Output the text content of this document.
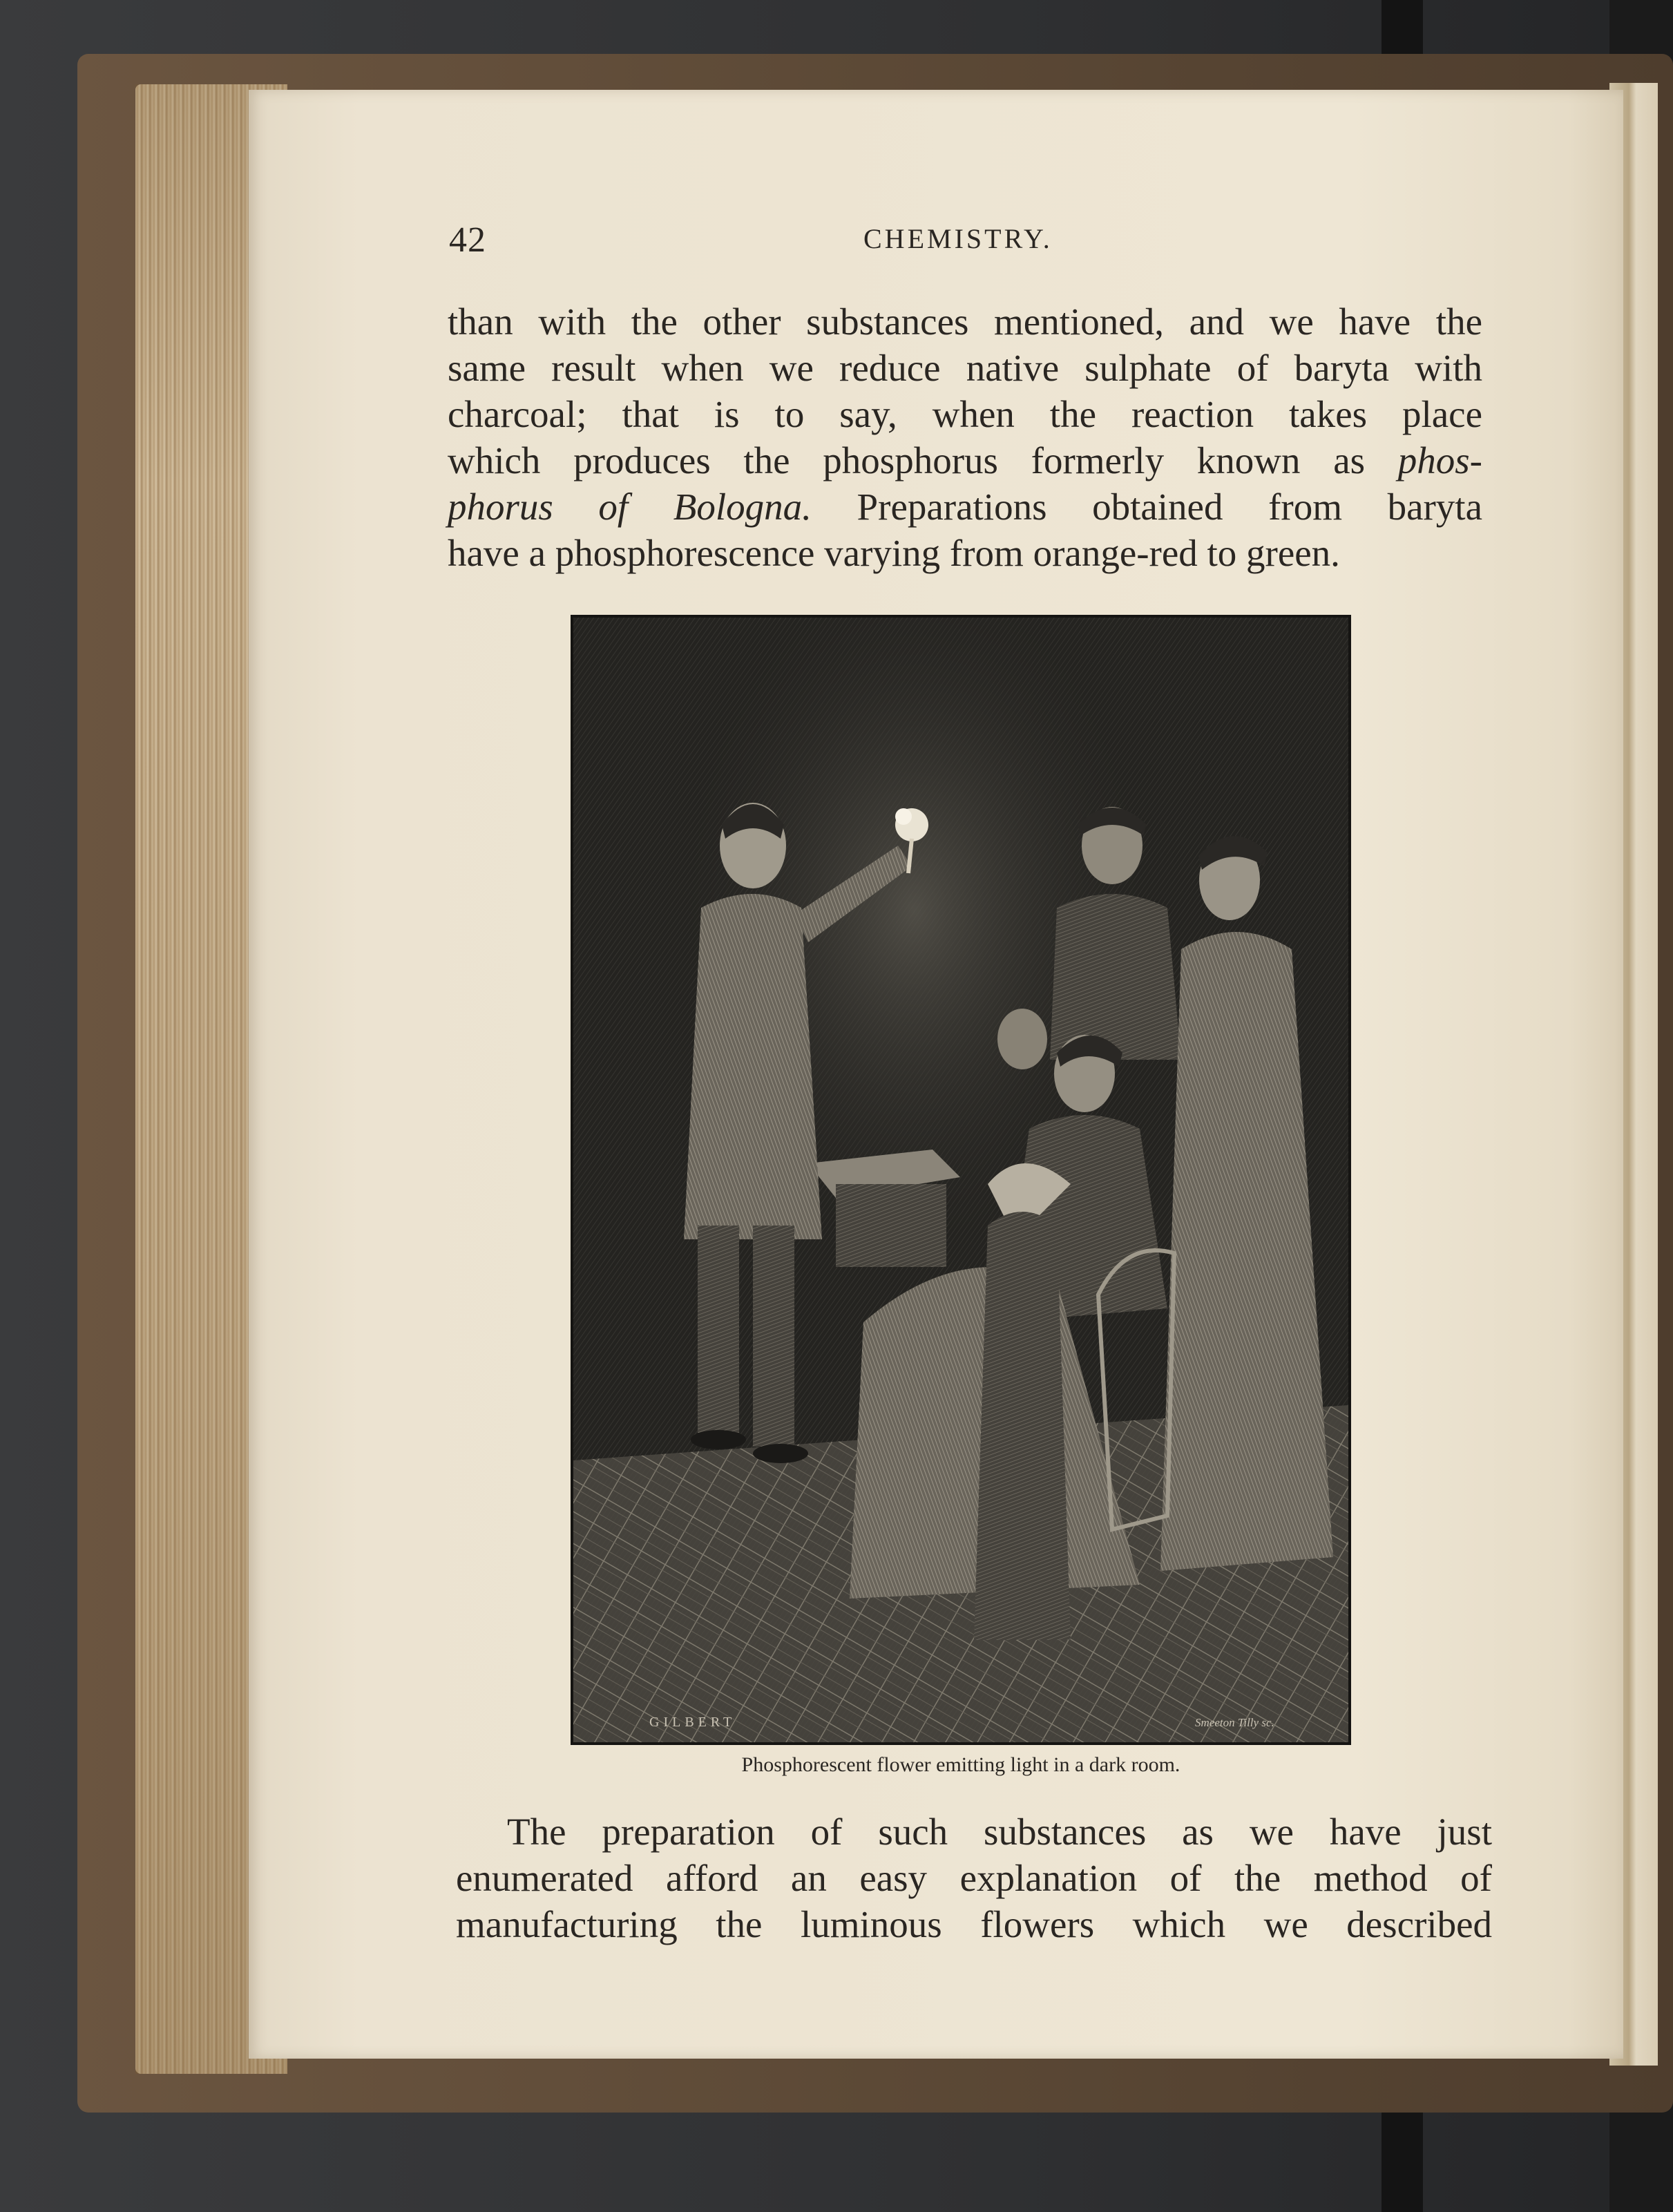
42	CHEMISTRY.
than with the other substances mentioned, and we have the
same result when we reduce native sulphate of baryta with
charcoal; that is to say, when the reaction takes place
which produces the phosphorus formerly known as phos-
phorus of Bologna. Preparations obtained from baryta
have a phosphorescence varying from orange-red to green.
GILBERT	Smeeton Tilly sc.
Phosphorescent flower emitting light in a dark room.
The preparation of such substances as we have just
enumerated afford an easy explanation of the method of
manufacturing the luminous flowers which we described
